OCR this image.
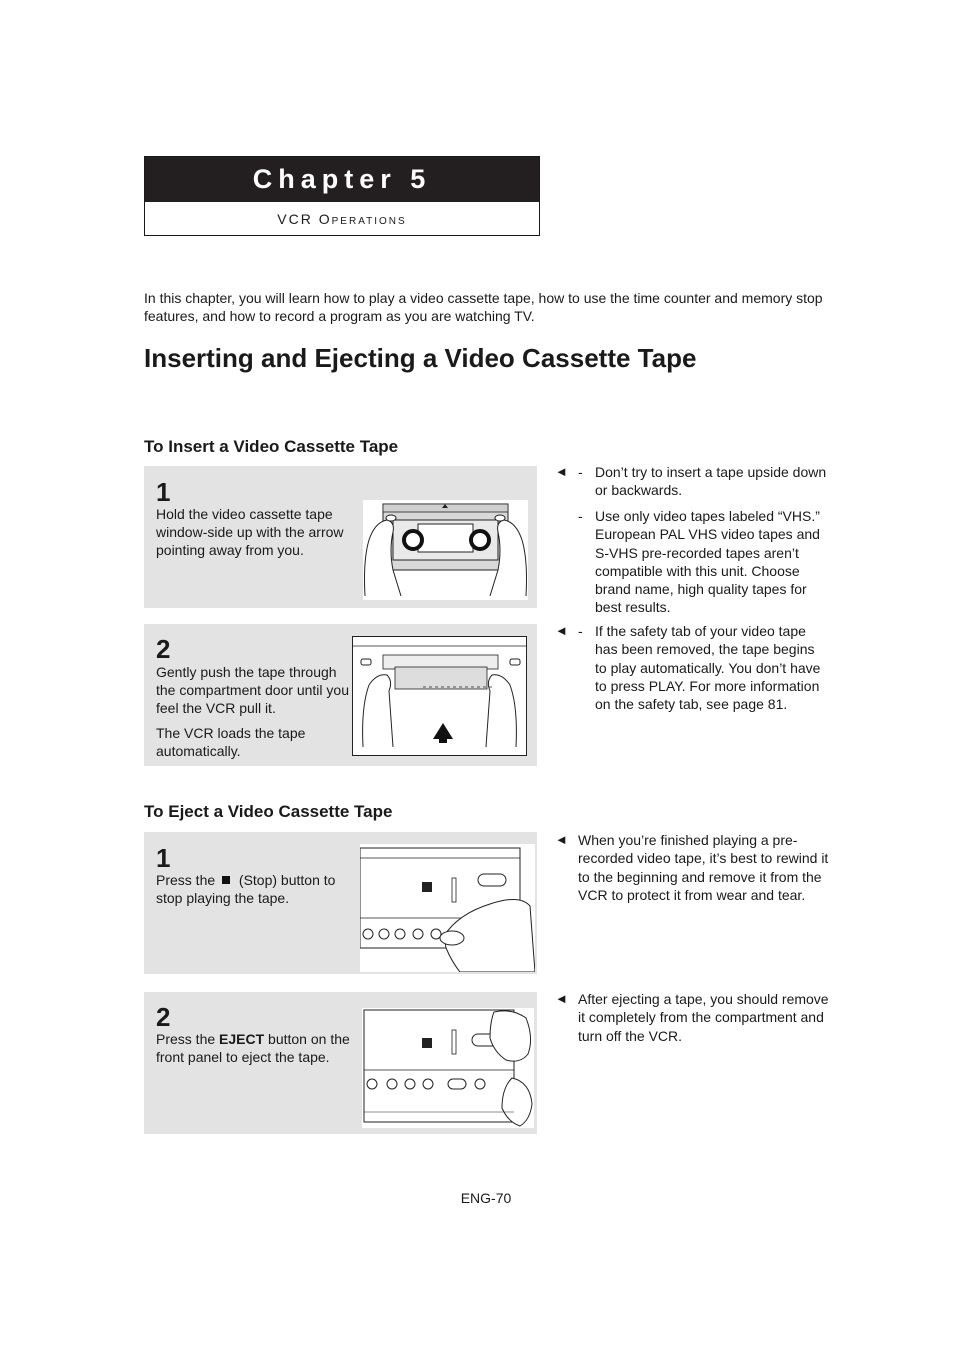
Chapter 5
VCR Operations
In this chapter, you will learn how to play a video cassette tape, how to use the time counter and memory stop features, and how to record a program as you are watching TV.
Inserting and Ejecting a Video Cassette Tape
To Insert a Video Cassette Tape
1
Hold the video cassette tape window-side up with the arrow pointing away from you.
2

Gently push the tape through the compartment door until you feel the VCR pull it.

The VCR loads the tape automatically.

◄ - Don’t try to insert a tape upside down or backwards.
- Use only video tapes labeled “VHS.” European PAL VHS video tapes and S-VHS pre-recorded tapes aren’t compatible with this unit. Choose brand name, high quality tapes for best results.
◄ - If the safety tab of your video tape has been removed, the tape begins to play automatically. You don’t have to press PLAY. For more information on the safety tab, see page 81.
To Eject a Video Cassette Tape
1
Press the  (Stop) button to stop playing the tape.
2
Press the EJECT button on the front panel to eject the tape.
◄ When you’re finished playing a pre-recorded video tape, it’s best to rewind it to the beginning and remove it from the VCR to protect it from wear and tear.
◄ After ejecting a tape, you should remove it completely from the compartment and turn off the VCR.
ENG-70
